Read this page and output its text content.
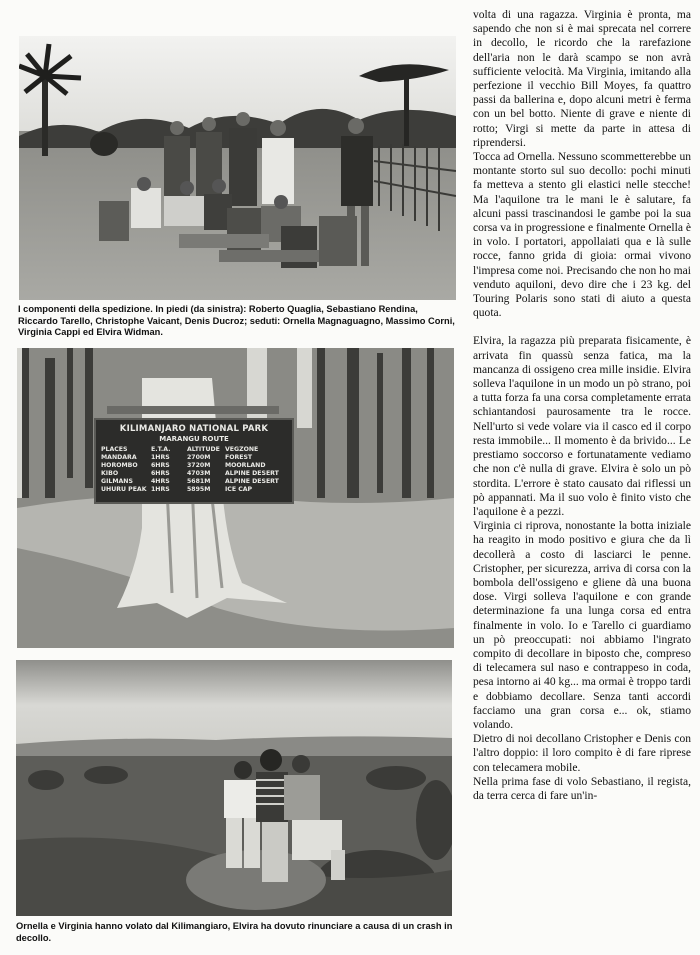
I componenti della spedizione. In piedi (da sinistra): Roberto Quaglia, Sebastiano Rendina, Riccardo Tarello, Christophe Vaicant, Denis Ducroz; seduti: Ornella Magnaguagno, Massimo Corni, Virginia Cappi ed Elvira Widman.
KILIMANJARO NATIONAL PARK
MARANGU ROUTE
PLACES	E.T.A.	ALTITUDE VEGZONE
MANDARA 1HRS	2700M FOREST
HOROMBO 6HRS	3720M MOORLAND
KIBO	6HRS	4703M ALPINE DESERT
GILMANS	4HRS	5681M ALPINE DESERT
UHURU PEAK 1HRS	5895M ICE CAP
Ornella e Virginia hanno volato dal Kilimangiaro, Elvira ha dovuto rinunciare a causa di un crash in decollo.

volta di una ragazza. Virginia è pronta, ma sapendo che non si è mai sprecata nel correre in decollo, le ricordo che la rarefazione dell'aria non le darà scampo se non avrà sufficiente velocità. Ma Virginia, imitando alla perfezione il vecchio Bill Moyes, fa quattro passi da ballerina e, dopo alcuni metri è ferma con un bel botto. Niente di grave e niente di rotto; Virgi si mette da parte in attesa di riprendersi.

Tocca ad Ornella. Nessuno scommetterebbe un montante storto sul suo decollo: pochi minuti fa metteva a stento gli elastici nelle stecche! Ma l'aquilone tra le mani le è salutare, fa alcuni passi trascinandosi le gambe poi la sua corsa va in progressione e finalmente Ornella è in volo. I portatori, appollaiati qua e là sulle rocce, fanno grida di gioia: ormai vivono l'impresa come noi. Precisando che non ho mai venduto aquiloni, devo dire che i 23 kg. del Touring Polaris sono stati di aiuto a questa quota.

Elvira, la ragazza più preparata fisicamente, è arrivata fin quassù senza fatica, ma la mancanza di ossigeno crea mille insidie. Elvira solleva l'aquilone in un modo un pò strano, poi a tutta forza fa una corsa completamente errata schiantandosi paurosamente tra le rocce. Nell'urto si vede volare via il casco ed il corpo resta immobile... Il momento è da brivido... Le prestiamo soccorso e fortunatamente vediamo che non c'è nulla di grave. Elvira è solo un pò stordita. L'errore è stato causato dai riflessi un pò appannati. Ma il suo volo è finito visto che l'aquilone è a pezzi.

Virginia ci riprova, nonostante la botta iniziale ha reagito in modo positivo e giura che da lì decollerà a costo di lasciarci le penne. Cristopher, per sicurezza, arriva di corsa con la bombola dell'ossigeno e gliene dà una buona dose. Virgi solleva l'aquilone e con grande determinazione fa una lunga corsa ed entra finalmente in volo. Io e Tarello ci guardiamo un pò preoccupati: noi abbiamo l'ingrato compito di decollare in biposto che, compreso di telecamera sul naso e contrappeso in coda, pesa intorno ai 40 kg... ma ormai è troppo tardi e dobbiamo decollare. Senza tanti accordi facciamo una gran corsa e... ok, stiamo volando.

Dietro di noi decollano Cristopher e Denis con l'altro doppio: il loro compito è di fare riprese con telecamera mobile.

Nella prima fase di volo Sebastiano, il regista, da terra cerca di fare un'in-
